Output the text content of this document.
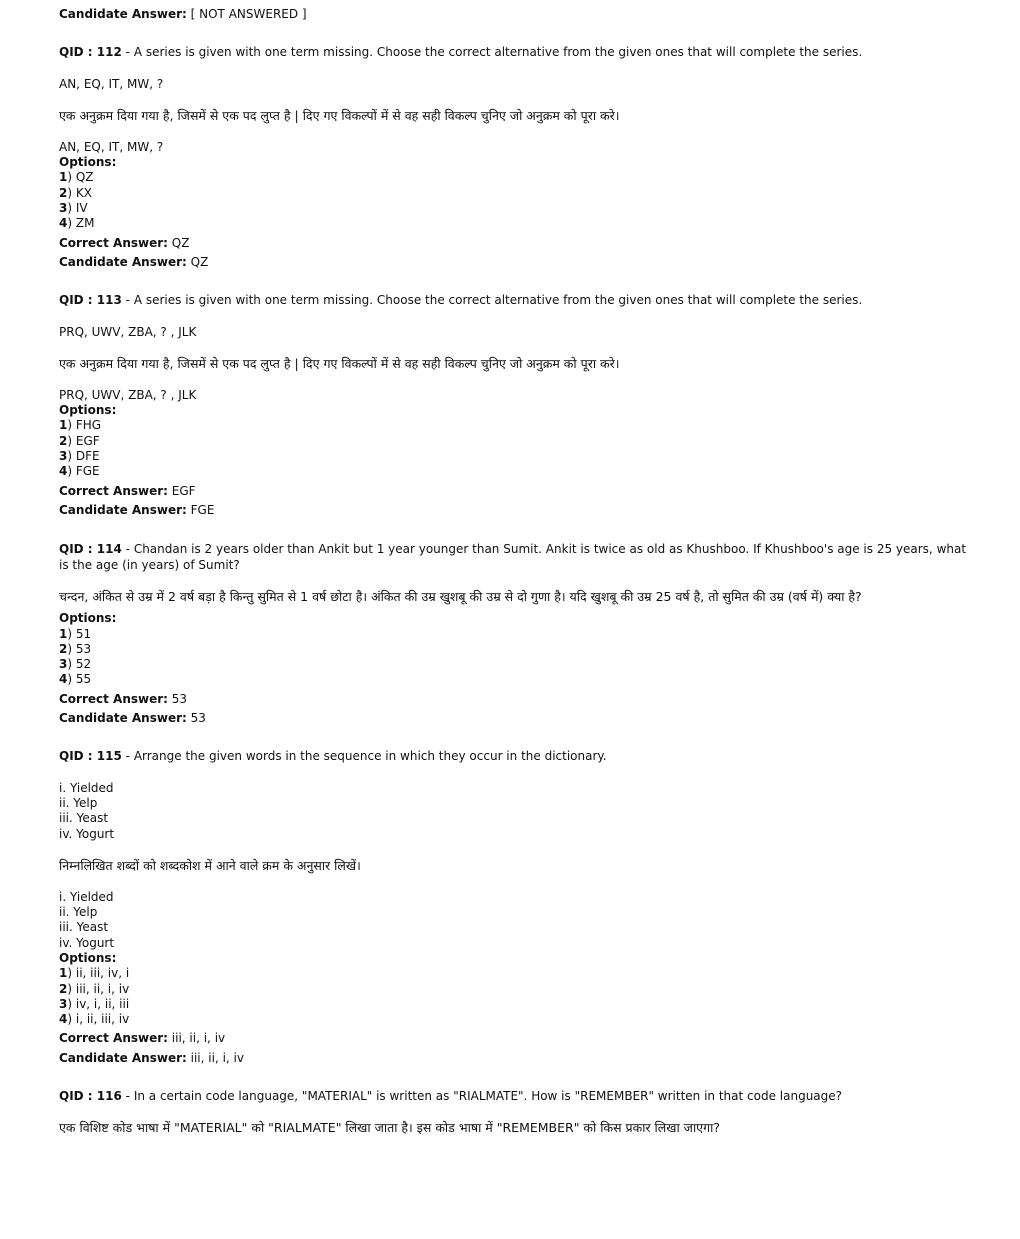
Candidate Answer: [ NOT ANSWERED ]
QID : 112 - A series is given with one term missing. Choose the correct alternative from the given ones that will complete the series.
AN, EQ, IT, MW, ?
एक अनुक्रम दिया गया है, जिसमें से एक पद लुप्त है | दिए गए विकल्पों में से वह सही विकल्प चुनिए जो अनुक्रम को पूरा करे।
AN, EQ, IT, MW, ?
Options:
1) QZ
2) KX
3) IV
4) ZM
Correct Answer: QZ
Candidate Answer: QZ
QID : 113 - A series is given with one term missing. Choose the correct alternative from the given ones that will complete the series.
PRQ, UWV, ZBA, ? , JLK
एक अनुक्रम दिया गया है, जिसमें से एक पद लुप्त है | दिए गए विकल्पों में से वह सही विकल्प चुनिए जो अनुक्रम को पूरा करे।
PRQ, UWV, ZBA, ? , JLK
Options:
1) FHG
2) EGF
3) DFE
4) FGE
Correct Answer: EGF
Candidate Answer: FGE
QID : 114 - Chandan is 2 years older than Ankit but 1 year younger than Sumit. Ankit is twice as old as Khushboo. If Khushboo's age is 25 years, what is the age (in years) of Sumit?
चन्दन, अंकित से उम्र में 2 वर्ष बड़ा है किन्तु सुमित से 1 वर्ष छोटा है। अंकित की उम्र खुशबू की उम्र से दो गुणा है। यदि खुशबू की उम्र 25 वर्ष है, तो सुमित की उम्र (वर्ष में) क्या है?
Options:
1) 51
2) 53
3) 52
4) 55
Correct Answer: 53
Candidate Answer: 53
QID : 115 - Arrange the given words in the sequence in which they occur in the dictionary.
i. Yielded
ii. Yelp
iii. Yeast
iv. Yogurt
निम्नलिखित शब्दों को शब्दकोश में आने वाले क्रम के अनुसार लिखें।
i. Yielded
ii. Yelp
iii. Yeast
iv. Yogurt
Options:
1) ii, iii, iv, i
2) iii, ii, i, iv
3) iv, i, ii, iii
4) i, ii, iii, iv
Correct Answer: iii, ii, i, iv
Candidate Answer: iii, ii, i, iv
QID : 116 - In a certain code language, "MATERIAL" is written as "RIALMATE". How is "REMEMBER" written in that code language?
एक विशिष्ट कोड भाषा में "MATERIAL" को "RIALMATE" लिखा जाता है। इस कोड भाषा में "REMEMBER" को किस प्रकार लिखा जाएगा?
